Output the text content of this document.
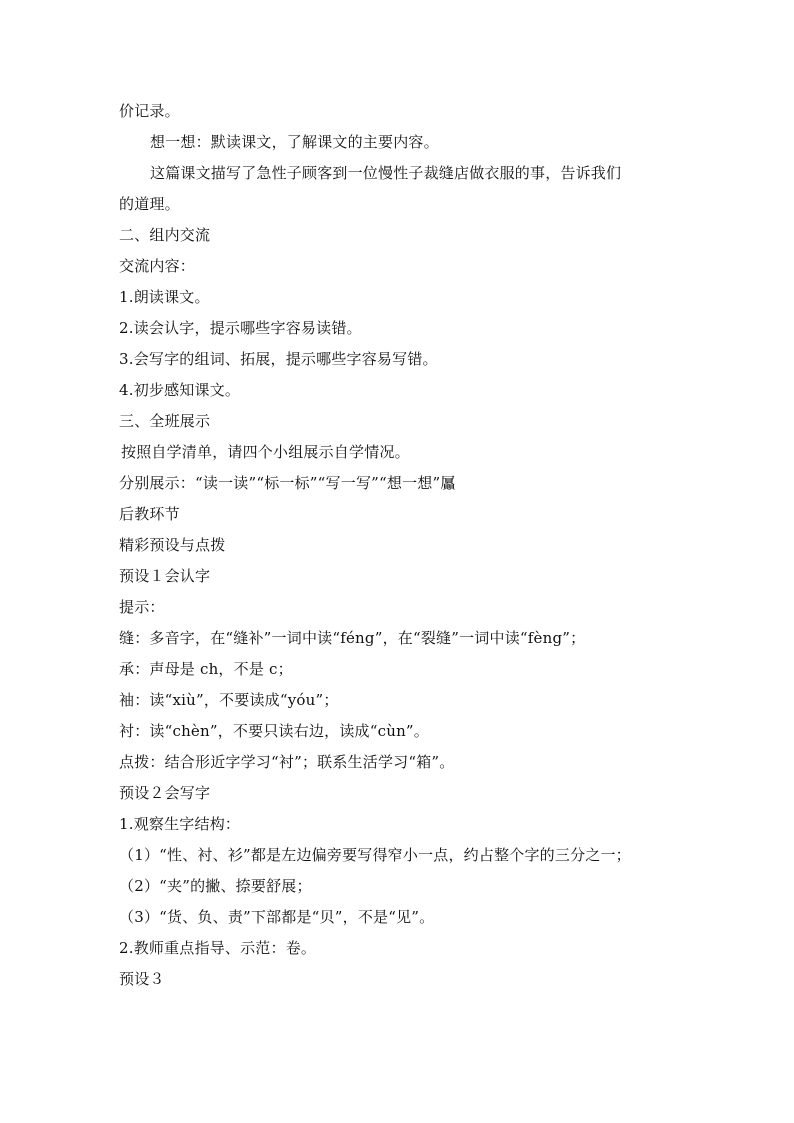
价记录。
想一想：默读课文，了解课文的主要内容。
这篇课文描写了急性子顾客到一位慢性子裁缝店做衣服的事，告诉我们
的道理。
二、组内交流
交流内容：
1.朗读课文。
2.读会认字，提示哪些字容易读错。
3.会写字的组词、拓展，提示哪些字容易写错。
4.初步感知课文。
三、全班展示
按照自学清单，请四个小组展示自学情况。
分别展示：“读一读”“标一标”“写一写”“想一想”屭
后教环节
精彩预设与点拨
预设１会认字
提示：
缝：多音字，在“缝补”一词中读“féng”，在“裂缝”一词中读“fèng”；
承：声母是 ch，不是 c；
袖：读“xiù”，不要读成“yóu”；
衬：读“chèn”，不要只读右边，读成“cùn”。
点拨：结合形近字学习“衬”；联系生活学习“箱”。
预设２会写字
1.观察生字结构：
（1）“性、衬、衫”都是左边偏旁要写得窄小一点，约占整个字的三分之一；
（2）“夹”的撇、捺要舒展；
（3）“货、负、责”下部都是“贝”，不是“见”。
2.教师重点指导、示范：卷。
预设３
